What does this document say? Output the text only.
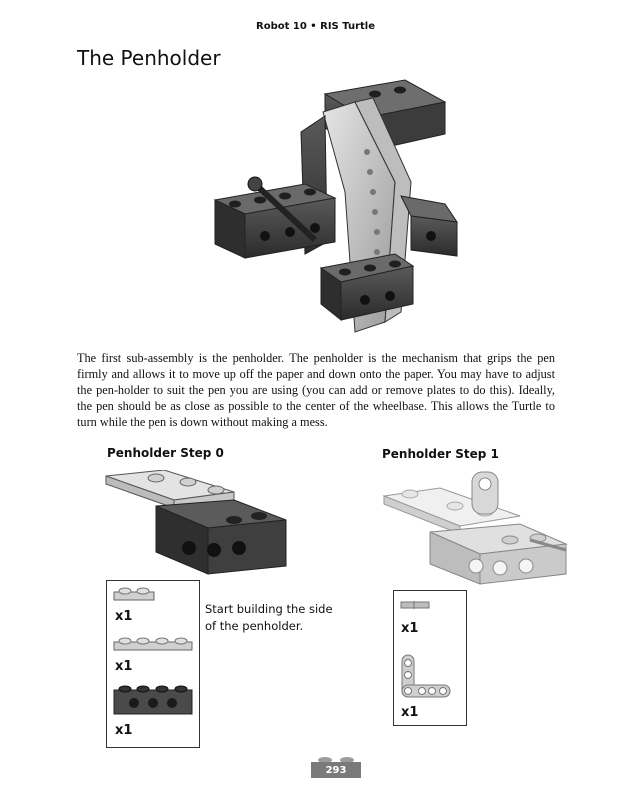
Robot 10 • RIS Turtle
The Penholder

The first sub-assembly is the penholder. The penholder is the mechanism that grips the pen firmly and allows it to move up off the paper and down onto the paper. You may have to adjust the pen-holder to suit the pen you are using (you can add or remove plates to do this). Ideally, the pen should be as close as possible to the center of the wheelbase. This allows the Turtle to turn while the pen is down without making a mess.

Penholder Step 0
x1
x1
x1
Start building the side of the penholder.
Penholder Step 1
x1
x1
293
